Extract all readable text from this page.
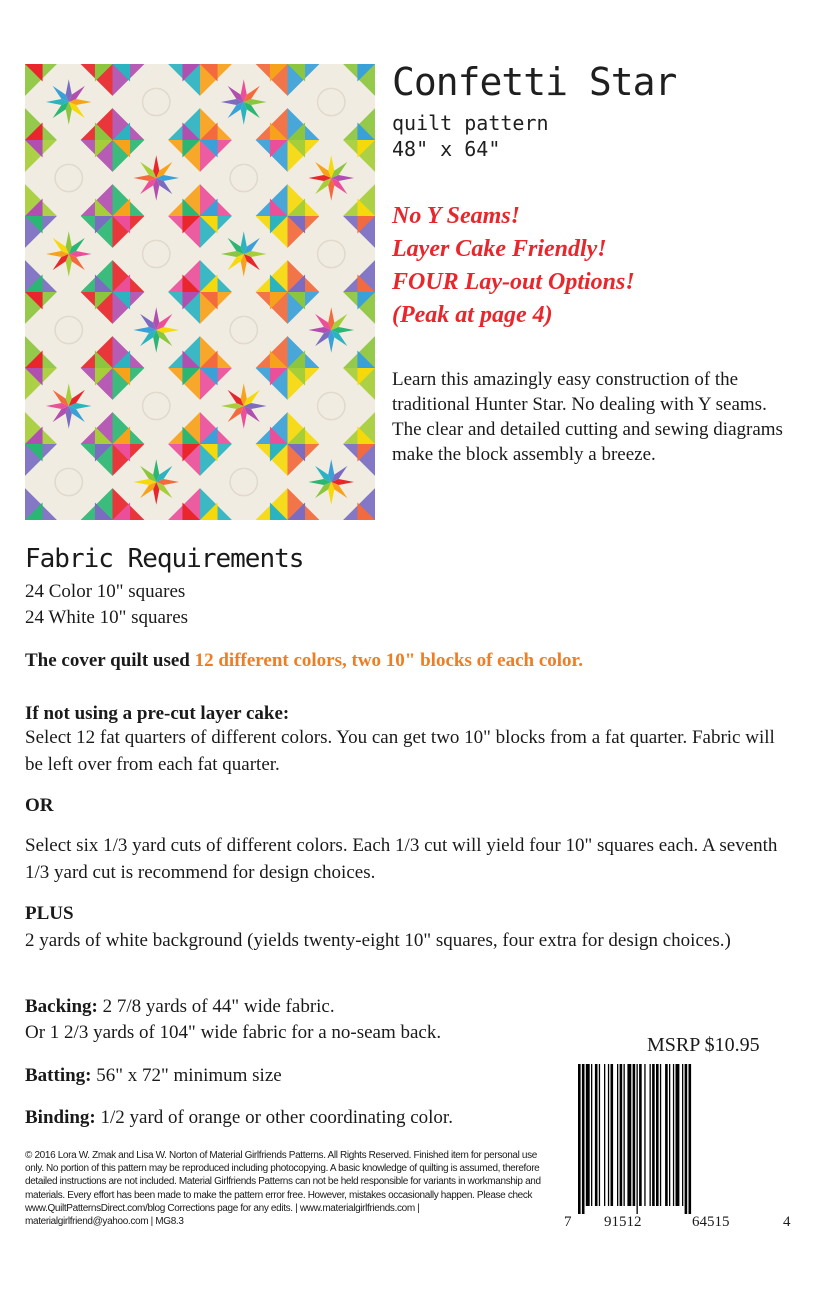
Confetti Star

quilt pattern

48" x 64"

No Y Seams!
Layer Cake Friendly!
FOUR Lay-out Options!
(Peak at page 4)

Learn this amazingly easy construction of the traditional Hunter Star. No dealing with Y seams. The clear and detailed cutting and sewing diagrams make the block assembly a breeze.

Fabric Requirements

24 Color 10" squares

24 White 10" squares

The cover quilt used 12 different colors, two 10" blocks of each color.

If not using a pre-cut layer cake:

Select 12 fat quarters of different colors. You can get two 10" blocks from a fat quarter. Fabric will be left over from each fat quarter.

OR

Select six 1/3 yard cuts of different colors. Each 1/3 cut will yield four 10" squares each. A seventh 1/3 yard cut is recommend for design choices.

PLUS

2 yards of white background (yields twenty-eight 10" squares, four extra for design choices.)

Backing: 2 7/8 yards of 44" wide fabric.

Or 1 2/3 yards of 104" wide fabric for a no-seam back.

Batting: 56" x 72" minimum size

Binding: 1/2 yard of orange or other coordinating color.

MSRP $10.95

7 91512	64515	4

© 2016 Lora W. Zmak and Lisa W. Norton of Material Girlfriends Patterns. All Rights Reserved. Finished item for personal use only. No portion of this pattern may be reproduced including photocopying. A basic knowledge of quilting is assumed, therefore detailed instructions are not included. Material Girlfriends Patterns can not be held responsible for variants in workmanship and materials. Every effort has been made to make the pattern error free. However, mistakes occasionally happen. Please check www.QuiltPatternsDirect.com/blog Corrections page for any edits. | www.materialgirlfriends.com | materialgirlfriend@yahoo.com | MG8.3
